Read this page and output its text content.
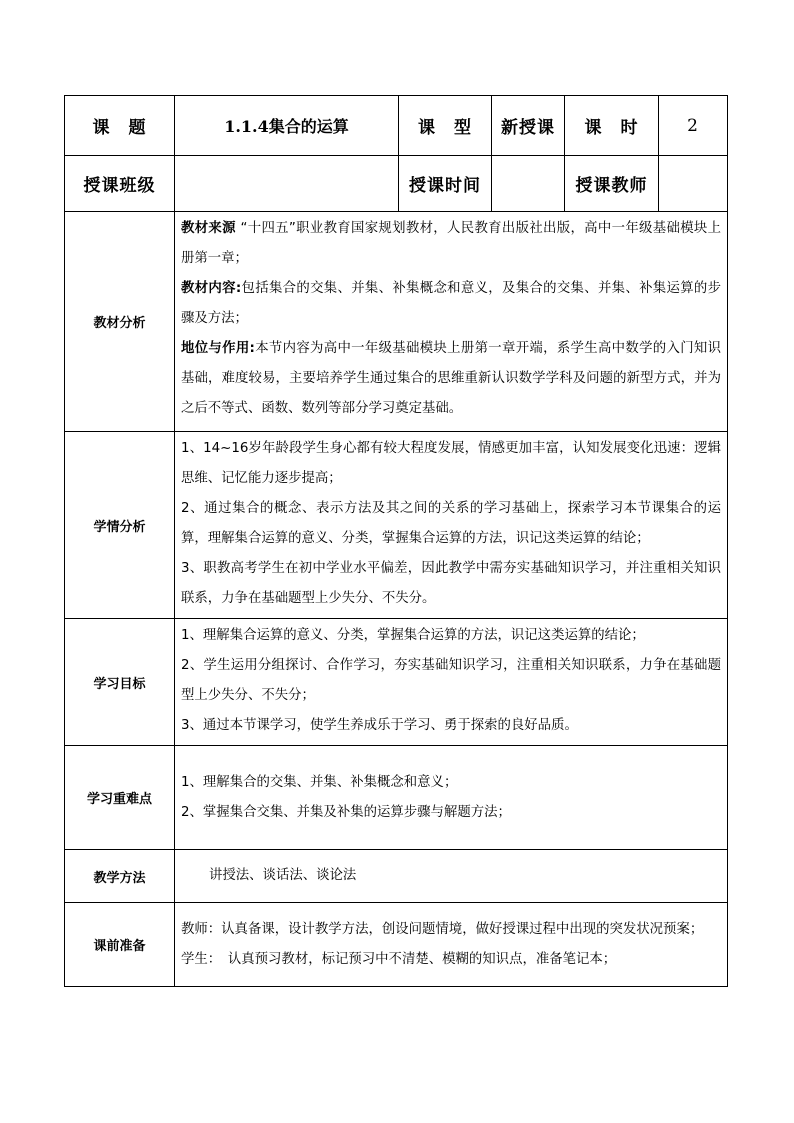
课　题	1.1.4集合的运算	课　型	新授课	课　时	2
授课班级		授课时间		授课教师	
教材分析	教材来源 “十四五”职业教育国家规划教材，人民教育出版社出版，高中一年级基础模块上册第一章；

教材内容:包括集合的交集、并集、补集概念和意义，及集合的交集、并集、补集运算的步骤及方法；

地位与作用:本节内容为高中一年级基础模块上册第一章开端，系学生高中数学的入门知识基础，难度较易，主要培养学生通过集合的思维重新认识数学学科及问题的新型方式，并为之后不等式、函数、数列等部分学习奠定基础。				

学情分析	1、14~16岁年龄段学生身心都有较大程度发展，情感更加丰富，认知发展变化迅速：逻辑思维、记忆能力逐步提高；

2、通过集合的概念、表示方法及其之间的关系的学习基础上，探索学习本节课集合的运算，理解集合运算的意义、分类，掌握集合运算的方法，识记这类运算的结论；

3、职教高考学生在初中学业水平偏差，因此教学中需夯实基础知识学习，并注重相关知识联系，力争在基础题型上少失分、不失分。				

学习目标	1、理解集合运算的意义、分类，掌握集合运算的方法，识记这类运算的结论；

2、学生运用分组探讨、合作学习，夯实基础知识学习，注重相关知识联系，力争在基础题型上少失分、不失分；

3、通过本节课学习，使学生养成乐于学习、勇于探索的良好品质。				

学习重难点	1、理解集合的交集、并集、补集概念和意义；

2、掌握集合交集、并集及补集的运算步骤与解题方法；				

教学方法	讲授法、谈话法、谈论法				
课前准备	教师：认真备课，设计教学方法，创设问题情境，做好授课过程中出现的突发状况预案；

学生：　认真预习教材，标记预习中不清楚、模糊的知识点，准备笔记本；				
